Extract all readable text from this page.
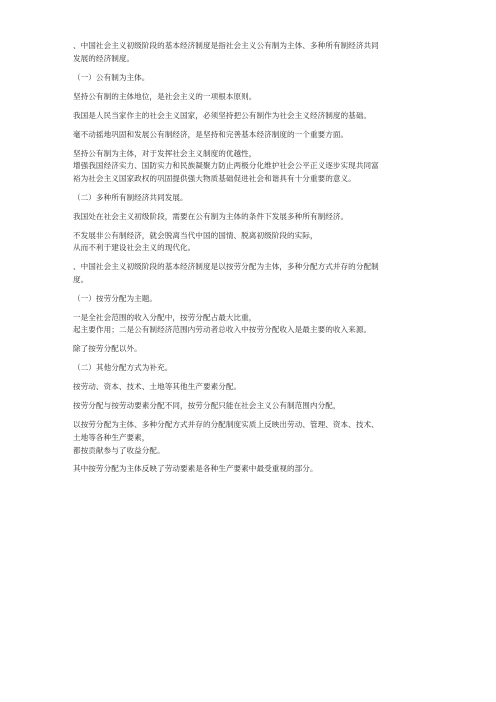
、中国社会主义初级阶段的基本经济制度是指社会主义公有制为主体、多种所有制经济共同
发展的经济制度。
（一）公有制为主体。
坚持公有制的主体地位，是社会主义的一项根本原则。
我国是人民当家作主的社会主义国家，必须坚持把公有制作为社会主义经济制度的基础。
毫不动摇地巩固和发展公有制经济，是坚持和完善基本经济制度的一个重要方面。
坚持公有制为主体，对于发挥社会主义制度的优越性，
增强我国经济实力、国防实力和民族凝聚力防止两极分化维护社会公平正义逐步实现共同富
裕为社会主义国家政权的巩固提供强大物质基础促进社会和谐具有十分重要的意义。
（二）多种所有制经济共同发展。
我国处在社会主义初级阶段，需要在公有制为主体的条件下发展多种所有制经济。
不发展非公有制经济，就会脱离当代中国的国情、脱离初级阶段的实际，
从而不利于建设社会主义的现代化。
、中国社会主义初级阶段的基本经济制度是以按劳分配为主体，多种分配方式并存的分配制
度。
（一）按劳分配为主题。
一是全社会范围的收入分配中，按劳分配占最大比重，
起主要作用；二是公有制经济范围内劳动者总收入中按劳分配收入是最主要的收入来源。
除了按劳分配以外。
（二）其他分配方式为补充。
按劳动、资本、技术、土地等其他生产要素分配。
按劳分配与按劳动要素分配不同，按劳分配只能在社会主义公有制范围内分配，
以按劳分配为主体、多种分配方式并存的分配制度实质上反映出劳动、管理、资本、技术、
土地等各种生产要素，
都按贡献参与了收益分配。
其中按劳分配为主体反映了劳动要素是各种生产要素中最受重视的部分。
